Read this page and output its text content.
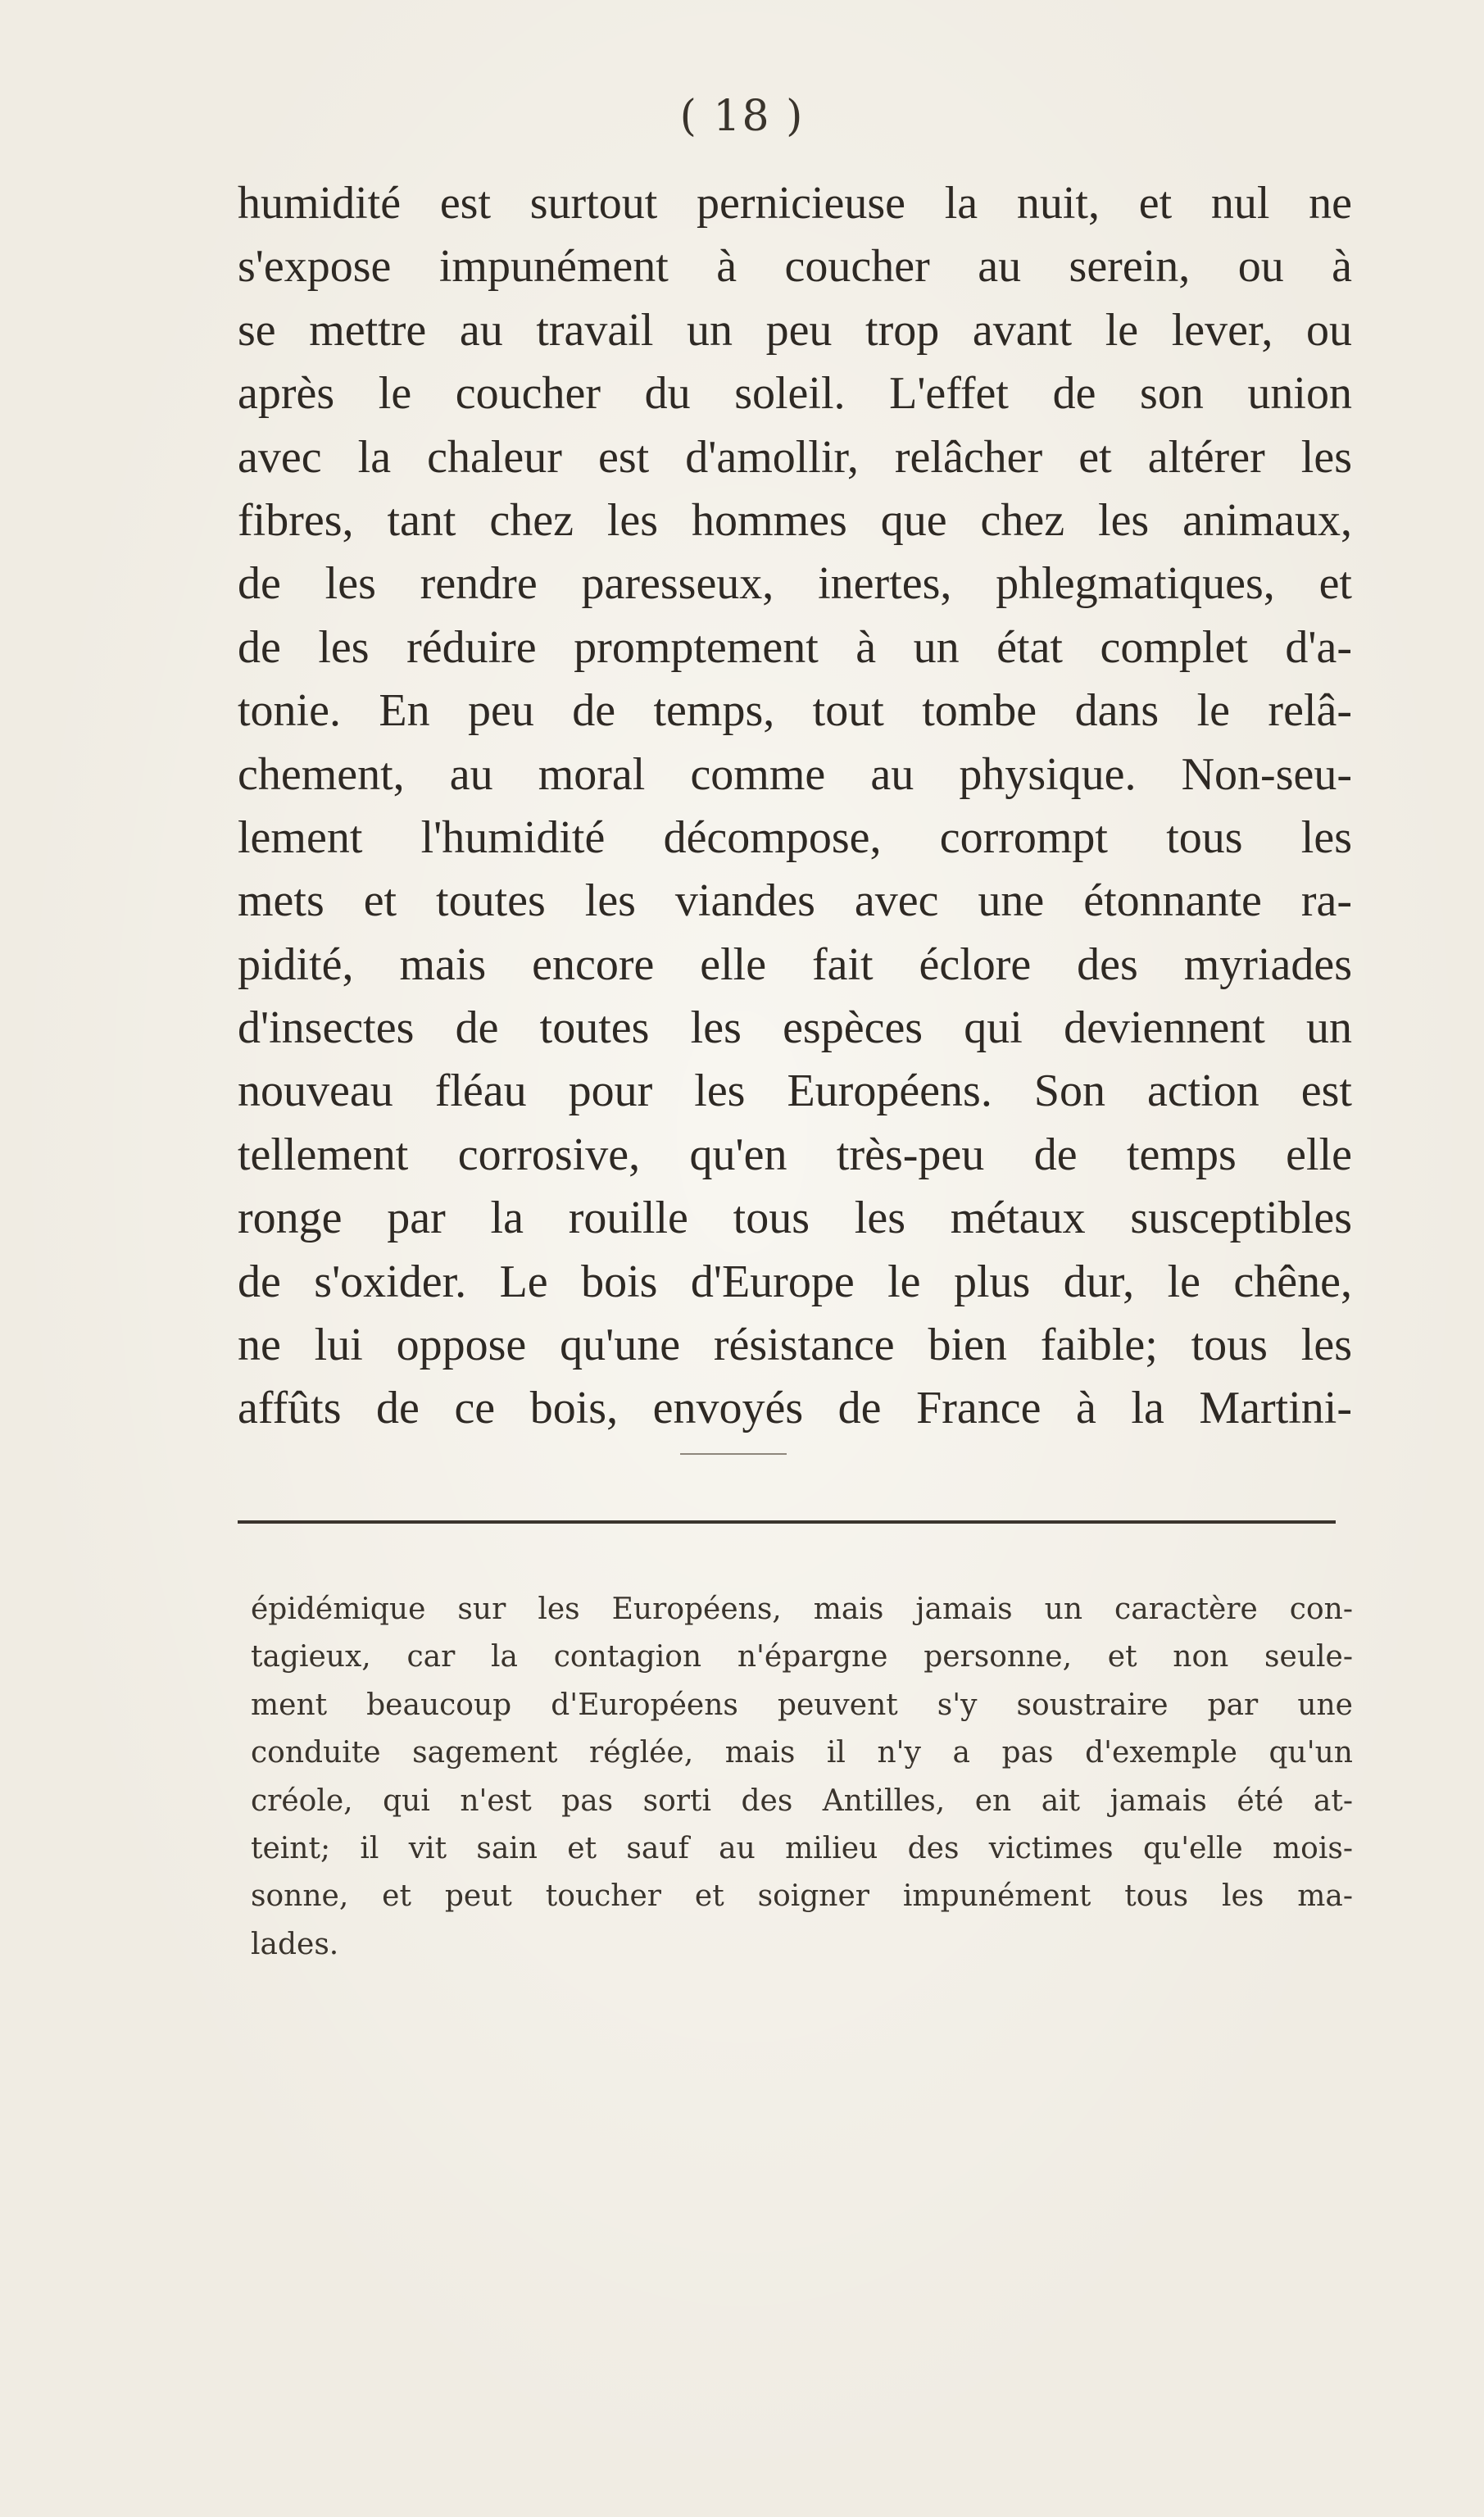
( 18 )
humidité est surtout pernicieuse la nuit, et nul ne
s'expose impunément à coucher au serein, ou à
se mettre au travail un peu trop avant le lever, ou
après le coucher du soleil. L'effet de son union
avec la chaleur est d'amollir, relâcher et altérer les
fibres, tant chez les hommes que chez les animaux,
de les rendre paresseux, inertes, phlegmatiques, et
de les réduire promptement à un état complet d'a-
tonie. En peu de temps, tout tombe dans le relâ-
chement, au moral comme au physique. Non-seu-
lement l'humidité décompose, corrompt tous les
mets et toutes les viandes avec une étonnante ra-
pidité, mais encore elle fait éclore des myriades
d'insectes de toutes les espèces qui deviennent un
nouveau fléau pour les Européens. Son action est
tellement corrosive, qu'en très-peu de temps elle
ronge par la rouille tous les métaux susceptibles
de s'oxider. Le bois d'Europe le plus dur, le chêne,
ne lui oppose qu'une résistance bien faible; tous les
affûts de ce bois, envoyés de France à la Martini-
épidémique sur les Européens, mais jamais un caractère con-
tagieux, car la contagion n'épargne personne, et non seule-
ment beaucoup d'Européens peuvent s'y soustraire par une
conduite sagement réglée, mais il n'y a pas d'exemple qu'un
créole, qui n'est pas sorti des Antilles, en ait jamais été at-
teint; il vit sain et sauf au milieu des victimes qu'elle mois-
sonne, et peut toucher et soigner impunément tous les ma-
lades.
